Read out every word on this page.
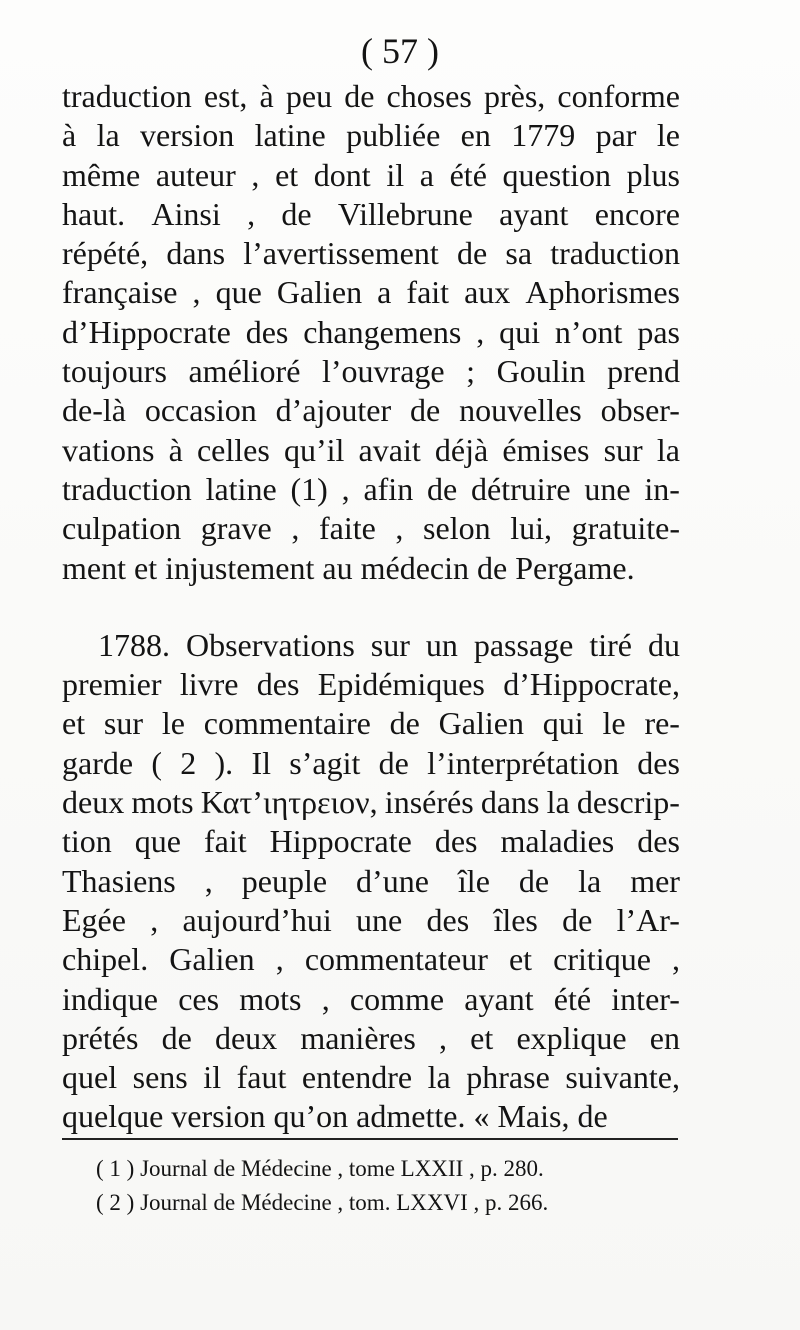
( 57 )
traduction est, à peu de choses près, conforme
à la version latine publiée en 1779 par le
même auteur , et dont il a été question plus
haut. Ainsi , de Villebrune ayant encore
répété, dans l’avertissement de sa traduction
française , que Galien a fait aux Aphorismes
d’Hippocrate des changemens , qui n’ont pas
toujours amélioré l’ouvrage ; Goulin prend
de-là occasion d’ajouter de nouvelles obser-
vations à celles qu’il avait déjà émises sur la
traduction latine (1) , afin de détruire une in-
culpation grave , faite , selon lui, gratuite-
ment et injustement au médecin de Pergame.
1788. Observations sur un passage tiré du
premier livre des Epidémiques d’Hippocrate,
et sur le commentaire de Galien qui le re-
garde ( 2 ). Il s’agit de l’interprétation des
deux mots Κατ’ιητρειον, insérés dans la descrip-
tion que fait Hippocrate des maladies des
Thasiens , peuple d’une île de la mer
Egée , aujourd’hui une des îles de l’Ar-
chipel. Galien , commentateur et critique ,
indique ces mots , comme ayant été inter-
prétés de deux manières , et explique en
quel sens il faut entendre la phrase suivante,
quelque version qu’on admette. « Mais, de
( 1 ) Journal de Médecine , tome LXXII , p. 280.
( 2 ) Journal de Médecine , tom. LXXVI , p. 266.
